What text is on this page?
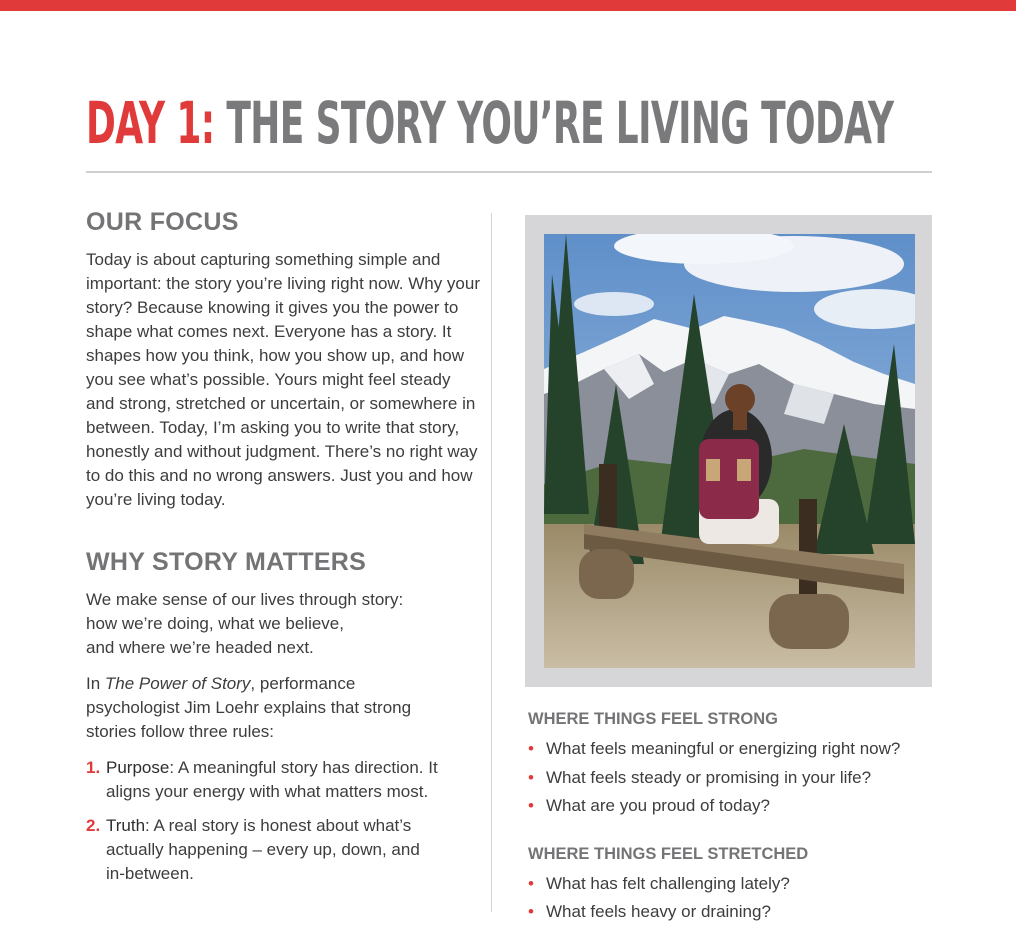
DAY 1: THE STORY YOU’RE LIVING TODAY
OUR FOCUS

Today is about capturing something simple and important: the story you’re living right now. Why your story? Because knowing it gives you the power to shape what comes next. Everyone has a story. It shapes how you think, how you show up, and how you see what’s possible. Yours might feel steady and strong, stretched or uncertain, or somewhere in between. Today, I’m asking you to write that story, honestly and without judgment. There’s no right way to do this and no wrong answers. Just you and how you’re living today.

WHY STORY MATTERS

We make sense of our lives through story:
how we’re doing, what we believe,
and where we’re headed next.

In The Power of Story, performance psychologist Jim Loehr explains that strong stories follow three rules:

1. Purpose: A meaningful story has direction. It aligns your energy with what matters most.
2. Truth: A real story is honest about what’s actually happening – every up, down, and in-between.
WHERE THINGS FEEL STRONG
• What feels meaningful or energizing right now?
• What feels steady or promising in your life?
• What are you proud of today?
WHERE THINGS FEEL STRETCHED
• What has felt challenging lately?
• What feels heavy or draining?
